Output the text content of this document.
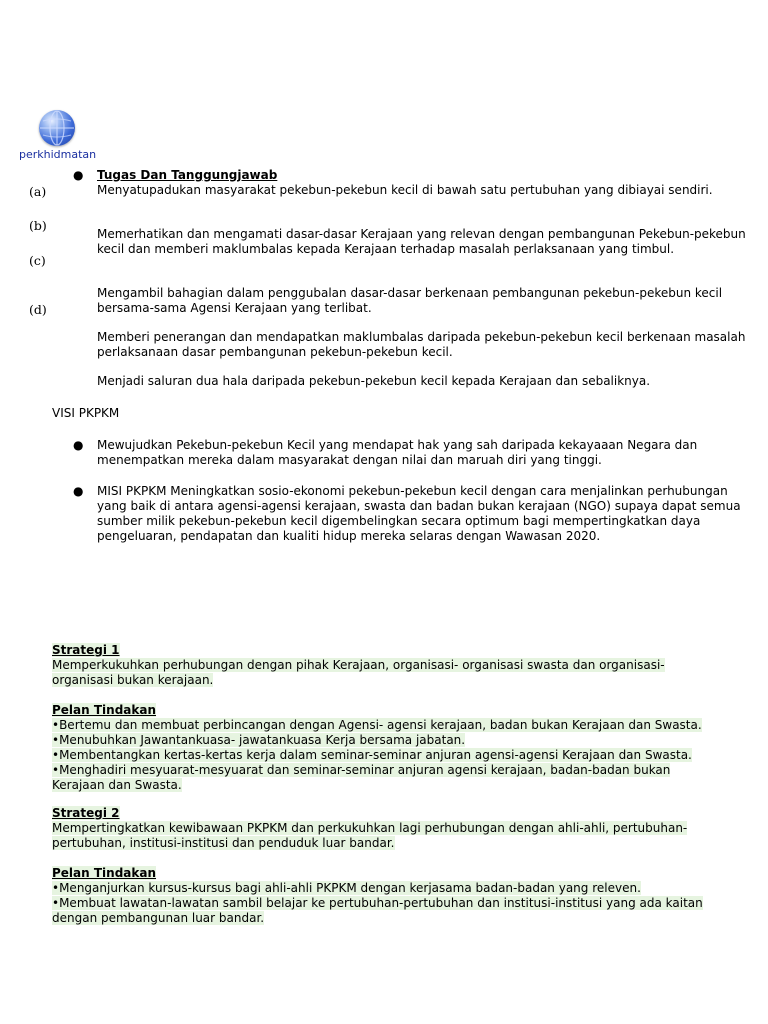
perkhidmatan
(a)
(b)
(c)
(d)
● Tugas Dan Tanggungjawab
Menyatupadukan masyarakat pekebun-pekebun kecil di bawah satu pertubuhan yang dibiayai sendiri.
Memerhatikan dan mengamati dasar-dasar Kerajaan yang relevan dengan pembangunan Pekebun-pekebun kecil dan memberi maklumbalas kepada Kerajaan terhadap masalah perlaksanaan yang timbul.
Mengambil bahagian dalam penggubalan dasar-dasar berkenaan pembangunan pekebun-pekebun kecil bersama-sama Agensi Kerajaan yang terlibat.
Memberi penerangan dan mendapatkan maklumbalas daripada pekebun-pekebun kecil berkenaan masalah perlaksanaan dasar pembangunan pekebun-pekebun kecil.
Menjadi saluran dua hala daripada pekebun-pekebun kecil kepada Kerajaan dan sebaliknya.
VISI PKPKM
● Mewujudkan Pekebun-pekebun Kecil yang mendapat hak yang sah daripada kekayaaan Negara dan menempatkan mereka dalam masyarakat dengan nilai dan maruah diri yang tinggi.
● MISI PKPKM Meningkatkan sosio-ekonomi pekebun-pekebun kecil dengan cara menjalinkan perhubungan yang baik di antara agensi-agensi kerajaan, swasta dan badan bukan kerajaan (NGO) supaya dapat semua sumber milik pekebun-pekebun kecil digembelingkan secara optimum bagi mempertingkatkan daya pengeluaran, pendapatan dan kualiti hidup mereka selaras dengan Wawasan 2020.
Strategi 1
Memperkukuhkan perhubungan dengan pihak Kerajaan, organisasi- organisasi swasta dan organisasi-
organisasi bukan kerajaan.

Pelan Tindakan
•Bertemu dan membuat perbincangan dengan Agensi- agensi kerajaan, badan bukan Kerajaan dan Swasta.
•Menubuhkan Jawantankuasa- jawatankuasa Kerja bersama jabatan.
•Membentangkan kertas-kertas kerja dalam seminar-seminar anjuran agensi-agensi Kerajaan dan Swasta.
•Menghadiri mesyuarat-mesyuarat dan seminar-seminar anjuran agensi kerajaan, badan-badan bukan
Kerajaan dan Swasta.
Strategi 2
Mempertingkatkan kewibawaan PKPKM dan perkukuhkan lagi perhubungan dengan ahli-ahli, pertubuhan-
pertubuhan, institusi-institusi dan penduduk luar bandar.

Pelan Tindakan
•Menganjurkan kursus-kursus bagi ahli-ahli PKPKM dengan kerjasama badan-badan yang releven.
•Membuat lawatan-lawatan sambil belajar ke pertubuhan-pertubuhan dan institusi-institusi yang ada kaitan
dengan pembangunan luar bandar.
